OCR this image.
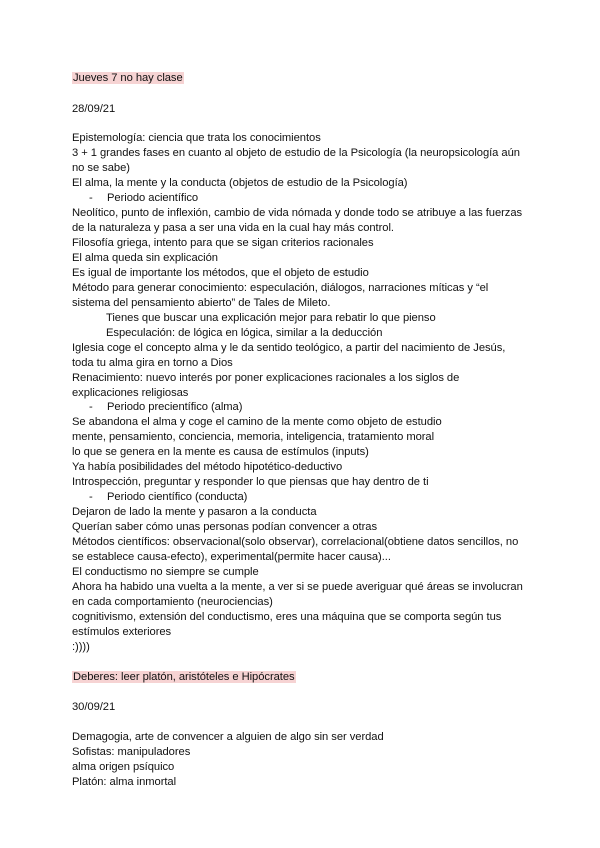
Jueves 7 no hay clase
28/09/21
Epistemología: ciencia que trata los conocimientos
3 + 1 grandes fases en cuanto al objeto de estudio de la Psicología (la neuropsicología aún
no se sabe)
El alma, la mente y la conducta (objetos de estudio de la Psicología)
- Periodo acientífico
Neolítico, punto de inflexión, cambio de vida nómada y donde todo se atribuye a las fuerzas
de la naturaleza y pasa a ser una vida en la cual hay más control.
Filosofía griega, intento para que se sigan criterios racionales
El alma queda sin explicación
Es igual de importante los métodos, que el objeto de estudio
Método para generar conocimiento: especulación, diálogos, narraciones míticas y “el
sistema del pensamiento abierto” de Tales de Mileto.
Tienes que buscar una explicación mejor para rebatir lo que pienso
Especulación: de lógica en lógica, similar a la deducción
Iglesia coge el concepto alma y le da sentido teológico, a partir del nacimiento de Jesús,
toda tu alma gira en torno a Dios
Renacimiento: nuevo interés por poner explicaciones racionales a los siglos de
explicaciones religiosas
- Periodo precientífico (alma)
Se abandona el alma y coge el camino de la mente como objeto de estudio
mente, pensamiento, conciencia, memoria, inteligencia, tratamiento moral
lo que se genera en la mente es causa de estímulos (inputs)
Ya había posibilidades del método hipotético-deductivo
Introspección, preguntar y responder lo que piensas que hay dentro de ti
- Periodo científico (conducta)
Dejaron de lado la mente y pasaron a la conducta
Querían saber cómo unas personas podían convencer a otras
Métodos científicos: observacional(solo observar), correlacional(obtiene datos sencillos, no
se establece causa-efecto), experimental(permite hacer causa)...
El conductismo no siempre se cumple
Ahora ha habido una vuelta a la mente, a ver si se puede averiguar qué áreas se involucran
en cada comportamiento (neurociencias)
cognitivismo, extensión del conductismo, eres una máquina que se comporta según tus
estímulos exteriores
:))))
Deberes: leer platón, aristóteles e Hipócrates
30/09/21
Demagogia, arte de convencer a alguien de algo sin ser verdad
Sofistas: manipuladores
alma origen psíquico
Platón: alma inmortal
